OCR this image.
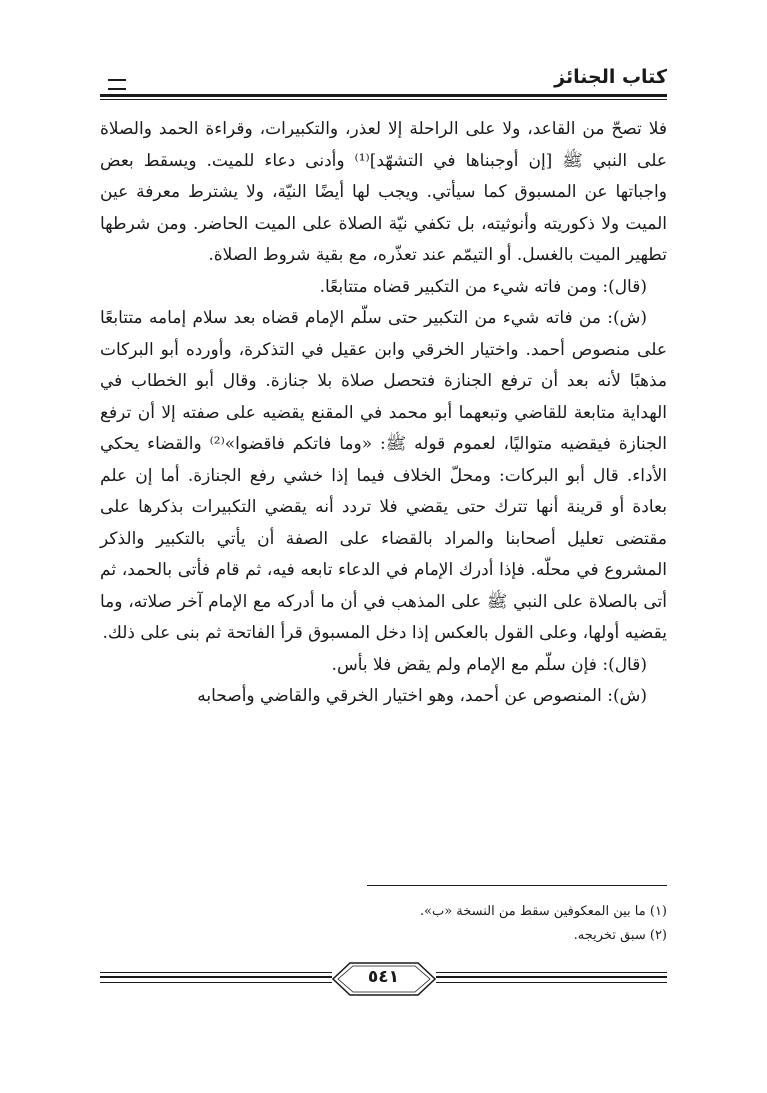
كتاب الجنائز

فلا تصحّ من القاعد، ولا على الراحلة إلا لعذر، والتكبيرات، وقراءة الحمد والصلاة على النبي ﷺ [إن أوجبناها في التشهّد]⁽¹⁾ وأدنى دعاء للميت. ويسقط بعض واجباتها عن المسبوق كما سيأتي. ويجب لها أيضًا النيّة، ولا يشترط معرفة عين الميت ولا ذكوريته وأنوثيته، بل تكفي نيّة الصلاة على الميت الحاضر. ومن شرطها تطهير الميت بالغسل. أو التيمّم عند تعذّره، مع بقية شروط الصلاة.

(قال): ومن فاته شيء من التكبير قضاه متتابعًا.

(ش): من فاته شيء من التكبير حتى سلّم الإمام قضاه بعد سلام إمامه متتابعًا على منصوص أحمد. واختيار الخرقي وابن عقيل في التذكرة، وأورده أبو البركات مذهبًا لأنه بعد أن ترفع الجنازة فتحصل صلاة بلا جنازة. وقال أبو الخطاب في الهداية متابعة للقاضي وتبعهما أبو محمد في المقنع يقضيه على صفته إلا أن ترفع الجنازة فيقضيه متواليًا، لعموم قوله ﷺ: «وما فاتكم فاقضوا»⁽²⁾ والقضاء يحكي الأداء. قال أبو البركات: ومحلّ الخلاف فيما إذا خشي رفع الجنازة. أما إن علم بعادة أو قرينة أنها تترك حتى يقضي فلا تردد أنه يقضي التكبيرات بذكرها على مقتضى تعليل أصحابنا والمراد بالقضاء على الصفة أن يأتي بالتكبير والذكر المشروع في محلّه. فإذا أدرك الإمام في الدعاء تابعه فيه، ثم قام فأتى بالحمد، ثم أتى بالصلاة على النبي ﷺ على المذهب في أن ما أدركه مع الإمام آخر صلاته، وما يقضيه أولها، وعلى القول بالعكس إذا دخل المسبوق قرأ الفاتحة ثم بنى على ذلك.

(قال): فإن سلّم مع الإمام ولم يقض فلا بأس.

(ش): المنصوص عن أحمد، وهو اختيار الخرقي والقاضي وأصحابه

(١) ما بين المعكوفين سقط من النسخة «ب».

(٢) سبق تخريجه.

٥٤١
